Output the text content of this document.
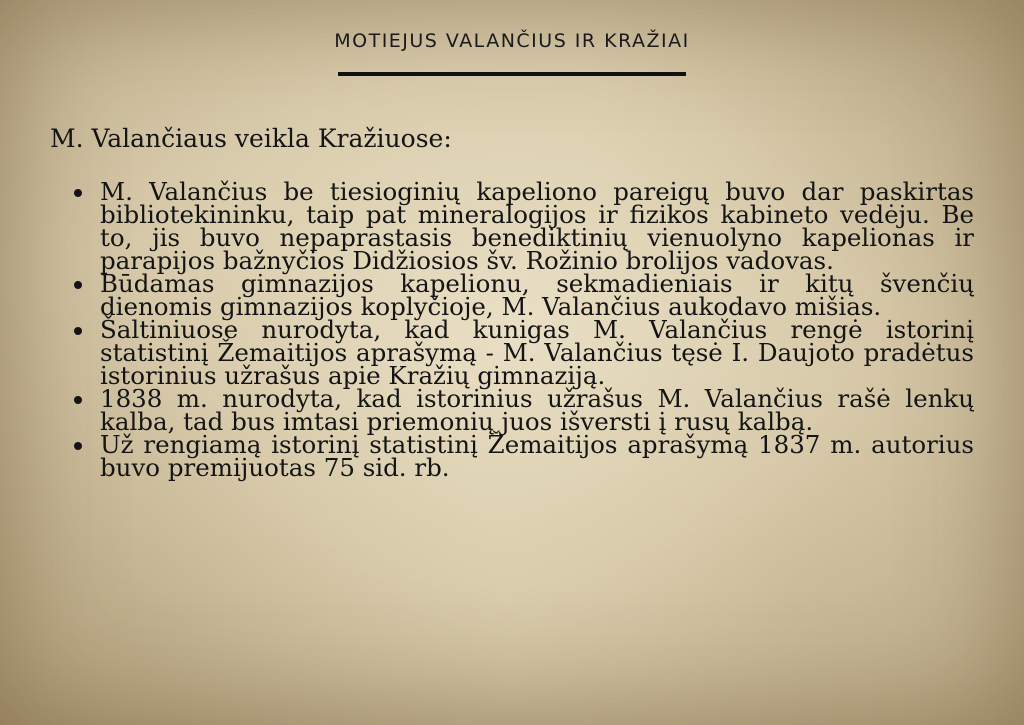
MOTIEJUS VALANČIUS IR KRAŽIAI
M. Valančiaus veikla Kražiuose:
M. Valančius be tiesioginių kapeliono pareigų buvo dar paskirtas bibliotekininku, taip pat mineralogijos ir fizikos kabineto vedėju. Be to, jis buvo nepaprastasis benediktinių vienuolyno kapelionas ir parapijos bažnyčios Didžiosios šv. Rožinio brolijos vadovas.
Būdamas gimnazijos kapelionu, sekmadieniais ir kitų švenčių dienomis gimnazijos koplyčioje, M. Valančius aukodavo mišias.
Šaltiniuose nurodyta, kad kunigas M. Valančius rengė istorinį statistinį Žemaitijos aprašymą - M. Valančius tęsė I. Daujoto pradėtus istorinius užrašus apie Kražių gimnaziją.
1838 m. nurodyta, kad istorinius užrašus M. Valančius rašė lenkų kalba, tad bus imtasi priemonių juos išversti į rusų kalbą.
Už rengiamą istorinį statistinį Žemaitijos aprašymą 1837 m. autorius buvo premijuotas 75 sid. rb.
